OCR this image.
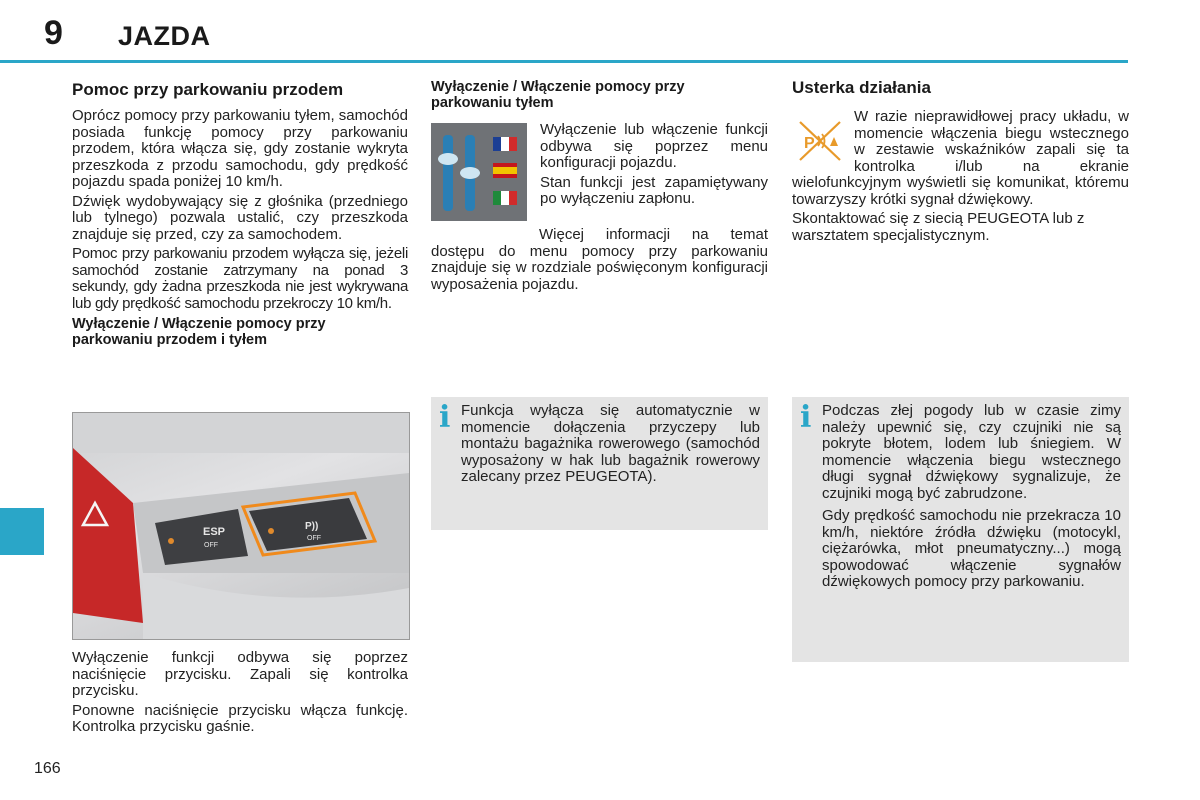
9 JAZDA
Pomoc przy parkowaniu przodem

Oprócz pomocy przy parkowaniu tyłem, samochód posiada funkcję pomocy przy parkowaniu przodem, która włącza się, gdy zostanie wykryta przeszkoda z przodu samochodu, gdy prędkość pojazdu spada poniżej 10 km/h.

Dźwięk wydobywający się z głośnika (przedniego lub tylnego) pozwala ustalić, czy przeszkoda znajduje się przed, czy za samochodem.

Pomoc przy parkowaniu przodem wyłącza się, jeżeli samochód zostanie zatrzymany na ponad 3 sekundy, gdy żadna przeszkoda nie jest wykrywana lub gdy prędkość samochodu przekroczy 10 km/h.

Wyłączenie / Włączenie pomocy przy parkowaniu przodem i tyłem
ESP
OFF
P))
OFF

Wyłączenie funkcji odbywa się poprzez naciśnięcie przycisku. Zapali się kontrolka przycisku.

Ponowne naciśnięcie przycisku włącza funkcję. Kontrolka przycisku gaśnie.

Wyłączenie / Włączenie pomocy przy parkowaniu tyłem

Wyłączenie lub włączenie funkcji odbywa się poprzez menu konfiguracji pojazdu.

Stan funkcji jest zapamiętywany po wyłączeniu zapłonu.

Więcej informacji na temat dostępu do menu pomocy przy parkowaniu znajduje się w rozdziale poświęconym konfiguracji wyposażenia pojazdu.

i Funkcja wyłącza się automatycznie w momencie dołączenia przyczepy lub montażu bagażnika rowerowego (samochód wyposażony w hak lub bagażnik rowerowy zalecany przez PEUGEOTA).

Usterka działania
P

W razie nieprawidłowej pracy układu, w momencie włączenia biegu wstecznego w zestawie wskaźników zapali się ta kontrolka i/lub na ekranie wielofunkcyjnym wyświetli się komunikat, któremu towarzyszy krótki sygnał dźwiękowy.

Skontaktować się z siecią PEUGEOTA lub z warsztatem specjalistycznym.

i Podczas złej pogody lub w czasie zimy należy upewnić się, czy czujniki nie są pokryte błotem, lodem lub śniegiem. W momencie włączenia biegu wstecznego długi sygnał dźwiękowy sygnalizuje, że czujniki mogą być zabrudzone.

Gdy prędkość samochodu nie przekracza 10 km/h, niektóre źródła dźwięku (motocykl, ciężarówka, młot pneumatyczny...) mogą spowodować włączenie sygnałów dźwiękowych pomocy przy parkowaniu.

166
